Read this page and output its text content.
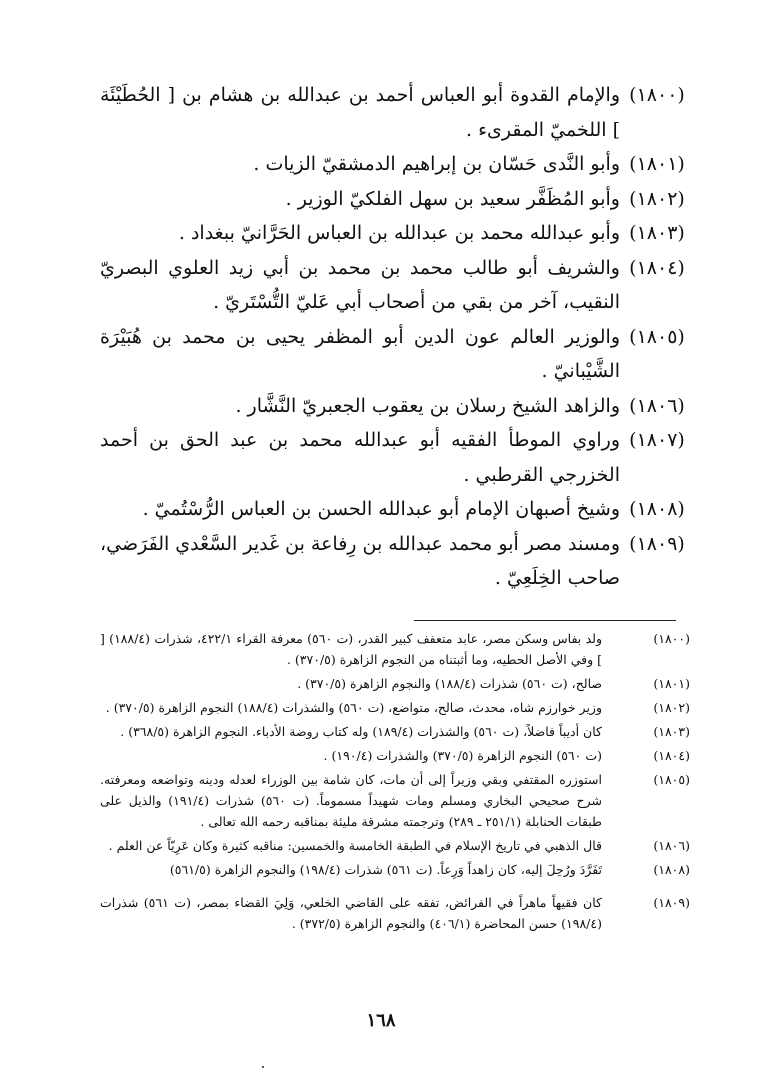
(١٨٠٠)
والإمام القدوة أبو العباس أحمد بن عبدالله بن هشام بن [ الحُطَيْئَة ] اللخميّ المقرىء .
(١٨٠١)
وأبو النَّدى حَسّان بن إبراهيم الدمشقيّ الزيات .
(١٨٠٢)
وأبو المُظَفَّر سعيد بن سهل الفلكيّ الوزير .
(١٨٠٣)
وأبو عبدالله محمد بن عبدالله بن العباس الحَرَّانيّ ببغداد .
(١٨٠٤)
والشريف أبو طالب محمد بن محمد بن أبي زيد العلوي البصريّ النقيب، آخر من بقي من أصحاب أبي عَليّ التُّسْتَريّ .
(١٨٠٥)
والوزير العالم عون الدين أبو المظفر يحيى بن محمد بن هُبَيْرَة الشَّيْبانيّ .
(١٨٠٦)
والزاهد الشيخ رسلان بن يعقوب الجعبريّ النَّشَّار .
(١٨٠٧)
وراوي الموطأ الفقيه أبو عبدالله محمد بن عبد الحق بن أحمد الخزرجي القرطبي .
(١٨٠٨)
وشيخ أصبهان الإمام أبو عبدالله الحسن بن العباس الرُّسْتُميّ .
(١٨٠٩)
ومسند مصر أبو محمد عبدالله بن رِفاعة بن غَدير السَّعْدي الفَرَضي، صاحب الخِلَعِيّ .
(١٨٠٠)
ولد بفاس وسكن مصر، عابد متعفف كبير القدر، (ت ٥٦٠) معرفة القراء ٤٢٢/١، شذرات (١٨٨/٤) [ ] وفي الأصل الحطيه، وما أثبتناه من النجوم الزاهرة (٣٧٠/٥) .
(١٨٠١)
صالح، (ت ٥٦٠) شذرات (١٨٨/٤) والنجوم الزاهرة (٣٧٠/٥) .
(١٨٠٢)
وزير خوارزم شاه، محدث، صالح، متواضع، (ت ٥٦٠) والشذرات (١٨٨/٤) النجوم الزاهرة (٣٧٠/٥) .
(١٨٠٣)
كان أديباً فاضلاً، (ت ٥٦٠) والشذرات (١٨٩/٤) وله كتاب روضة الأدباء. النجوم الزاهرة (٣٦٨/٥) .
(١٨٠٤)
(ت ٥٦٠) النجوم الزاهرة (٣٧٠/٥) والشذرات (١٩٠/٤) .
(١٨٠٥)
استوزره المقتفي وبقي وزيراً إلى أن مات، كان شامة بين الوزراء لعدله ودينه وتواضعه ومعرفته. شرح صحيحي البخاري ومسلم ومات شهيداً مسموماً. (ت ٥٦٠) شذرات (١٩١/٤) والذيل على طبقات الحنابلة (٢٥١/١ ـ ٢٨٩) وترجمته مشرقة مليئة بمناقبه رحمه الله تعالى .
(١٨٠٦)
قال الذهبي في تاريخ الإسلام في الطبقة الخامسة والخمسين: مناقبه كثيرة وكان عَرِيّاً عن العلم .
(١٨٠٨)
تَفَرَّدَ ورُحِلَ إليه، كان زاهداً وَرِعاً. (ت ٥٦١) شذرات (١٩٨/٤) والنجوم الزاهرة (٥٦١/٥)
(١٨٠٩)
كان فقيهاً ماهراً في الفرائض، تفقه على القاضي الخلعي، وَلِيَ القضاء بمصر، (ت ٥٦١) شذرات (١٩٨/٤) حسن المحاضرة (٤٠٦/١) والنجوم الزاهرة (٣٧٢/٥) .
١٦٨
